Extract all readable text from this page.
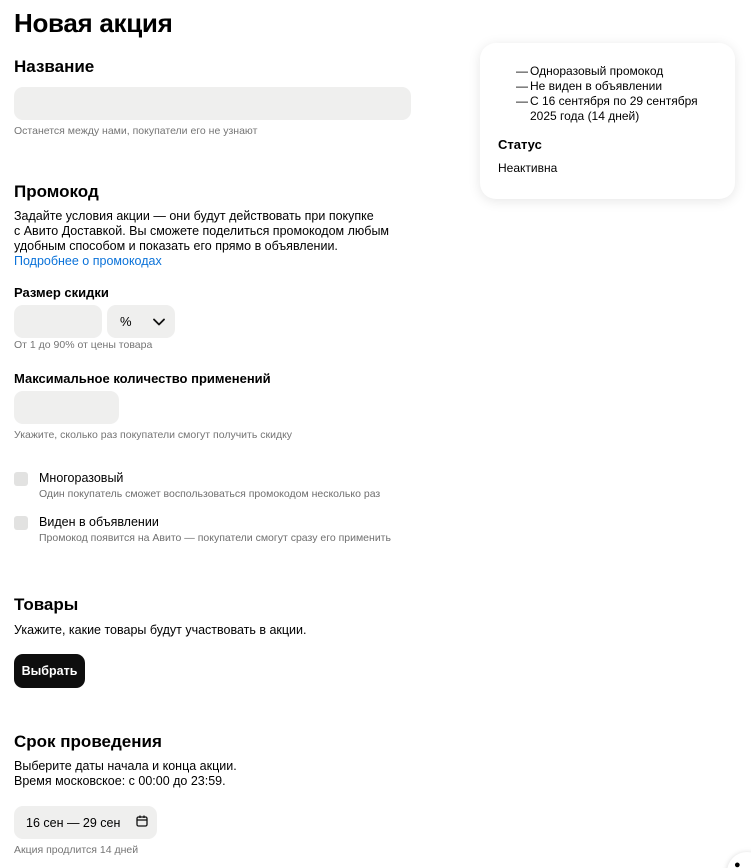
Новая акция
Название
Останется между нами, покупатели его не узнают
Промокод
Задайте условия акции — они будут действовать при покупке
с Авито Доставкой. Вы сможете поделиться промокодом любым
удобным способом и показать его прямо в объявлении.
Подробнее о промокодах
Размер скидки
%
От 1 до 90% от цены товара
Максимальное количество применений
Укажите, сколько раз покупатели смогут получить скидку
Многоразовый
Один покупатель сможет воспользоваться промокодом несколько раз
Виден в объявлении
Промокод появится на Авито — покупатели смогут сразу его применить
Товары
Укажите, какие товары будут участвовать в акции.
Выбрать
Срок проведения
Выберите даты начала и конца акции.
Время московское: с 00:00 до 23:59.
16 сен — 29 сен
Акция продлится 14 дней
— Одноразовый промокод
— Не виден в объявлении
— С 16 сентября по 29 сентября 2025 года (14 дней)
Статус
Неактивна
●
